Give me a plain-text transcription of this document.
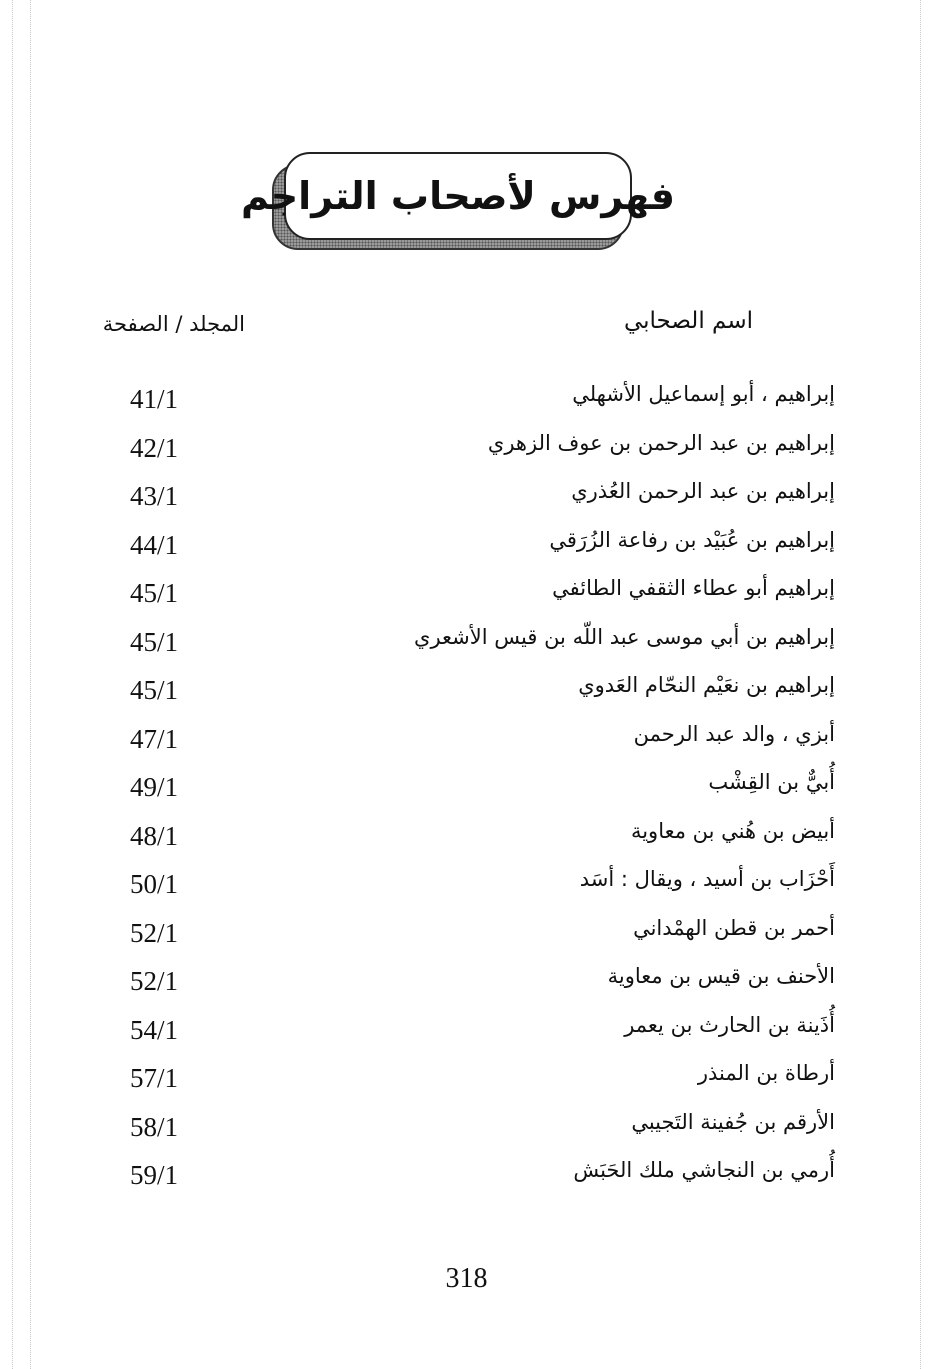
فهرس لأصحاب التراجم
اسم الصحابي
المجلد / الصفحة
إبراهيم ، أبو إسماعيل الأشهلي
41/1
إبراهيم بن عبد الرحمن بن عوف الزهري
42/1
إبراهيم بن عبد الرحمن العُذري
43/1
إبراهيم بن عُبَيْد بن رفاعة الزُرَقي
44/1
إبراهيم أبو عطاء الثقفي الطائفي
45/1
إبراهيم بن أبي موسى عبد اللّه بن قيس الأشعري
45/1
إبراهيم بن نعَيْم النحّام العَدوي
45/1
أبزي ، والد عبد الرحمن
47/1
أُبيٌّ بن القِشْب
49/1
أبيض بن هُني بن معاوية
48/1
أَحْزَاب بن أسيد ، ويقال : أسَد
50/1
أحمر بن قطن الهمْداني
52/1
الأحنف بن قيس بن معاوية
52/1
أُذَينة بن الحارث بن يعمر
54/1
أرطاة بن المنذر
57/1
الأرقم بن جُفينة التَجيبي
58/1
أُرمي بن النجاشي ملك الحَبَش
59/1
318
